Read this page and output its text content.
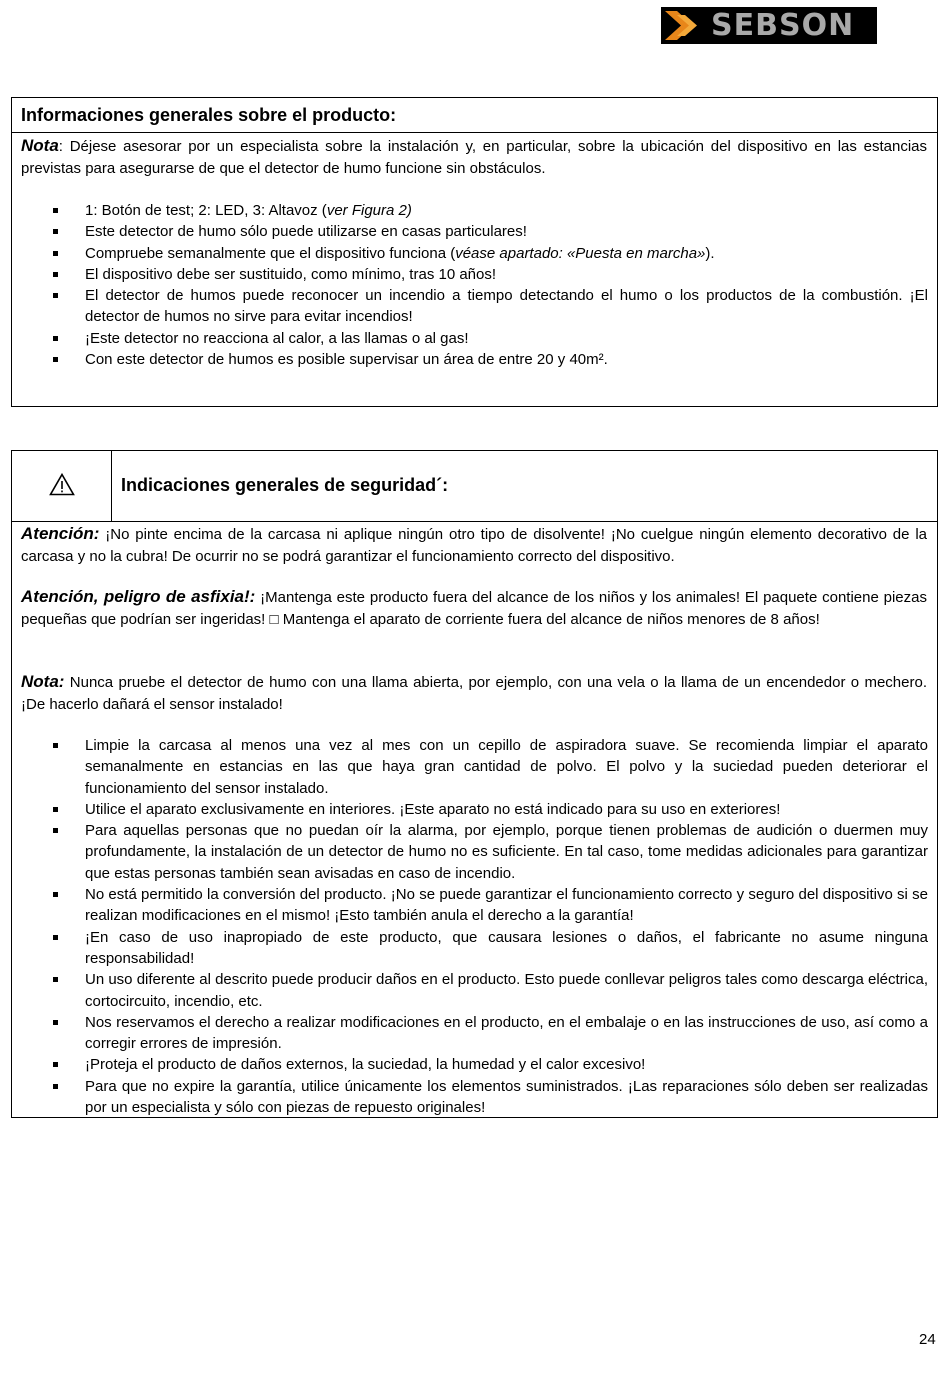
SEBSON
Informaciones generales sobre el producto:
Nota: Déjese asesorar por un especialista sobre la instalación y, en particular, sobre la ubicación del dispositivo en las estancias previstas para asegurarse de que el detector de humo funcione sin obstáculos.
1: Botón de test; 2: LED, 3: Altavoz (ver Figura 2)
Este detector de humo sólo puede utilizarse en casas particulares!
Compruebe semanalmente que el dispositivo funciona (véase apartado: «Puesta en marcha»).
El dispositivo debe ser sustituido, como mínimo, tras 10 años!
El detector de humos puede reconocer un incendio a tiempo detectando el humo o los productos de la combustión. ¡El detector de humos no sirve para evitar incendios!
¡Este detector no reacciona al calor, a las llamas o al gas!
Con este detector de humos es posible supervisar un área de entre 20 y 40m².
Indicaciones generales de seguridad´:
Atención: ¡No pinte encima de la carcasa ni aplique ningún otro tipo de disolvente! ¡No cuelgue ningún elemento decorativo de la carcasa y no la cubra! De ocurrir no se podrá garantizar el funcionamiento correcto del dispositivo.
Atención, peligro de asfixia!: ¡Mantenga este producto fuera del alcance de los niños y los animales! El paquete contiene piezas pequeñas que podrían ser ingeridas! □ Mantenga el aparato de corriente fuera del alcance de niños menores de 8 años!
Nota: Nunca pruebe el detector de humo con una llama abierta, por ejemplo, con una vela o la llama de un encendedor o mechero. ¡De hacerlo dañará el sensor instalado!
Limpie la carcasa al menos una vez al mes con un cepillo de aspiradora suave. Se recomienda limpiar el aparato semanalmente en estancias en las que haya gran cantidad de polvo. El polvo y la suciedad pueden deteriorar el funcionamiento del sensor instalado.
Utilice el aparato exclusivamente en interiores. ¡Este aparato no está indicado para su uso en exteriores!
Para aquellas personas que no puedan oír la alarma, por ejemplo, porque tienen problemas de audición o duermen muy profundamente, la instalación de un detector de humo no es suficiente. En tal caso, tome medidas adicionales para garantizar que estas personas también sean avisadas en caso de incendio.
No está permitido la conversión del producto. ¡No se puede garantizar el funcionamiento correcto y seguro del dispositivo si se realizan modificaciones en el mismo! ¡Esto también anula el derecho a la garantía!
¡En caso de uso inapropiado de este producto, que causara lesiones o daños, el fabricante no asume ninguna responsabilidad!
Un uso diferente al descrito puede producir daños en el producto. Esto puede conllevar peligros tales como descarga eléctrica, cortocircuito, incendio, etc.
Nos reservamos el derecho a realizar modificaciones en el producto, en el embalaje o en las instrucciones de uso, así como a corregir errores de impresión.
¡Proteja el producto de daños externos, la suciedad, la humedad y el calor excesivo!
Para que no expire la garantía, utilice únicamente los elementos suministrados. ¡Las reparaciones sólo deben ser realizadas por un especialista y sólo con piezas de repuesto originales!
24
